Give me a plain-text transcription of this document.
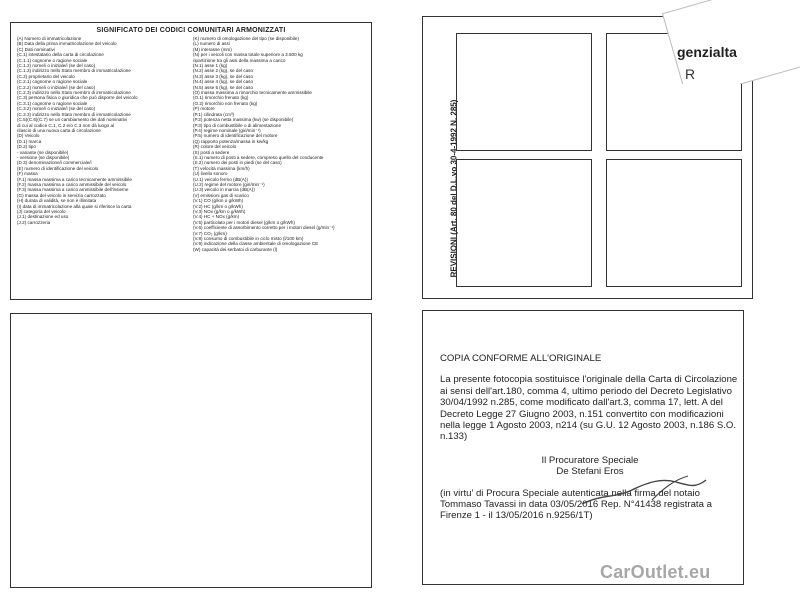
SIGNIFICATO DEI CODICI COMUNITARI ARMONIZZATI
(A) Numero di immatricolazione
(B) Data della prima immatricolazione del veicolo
(C) Dati nominativi
(C.1) intestatario della carta di circolazione
(C.1.1) cognome o ragione sociale
(C.1.2) nome/i o iniziale/i (se del caso)
(C.1.3) indirizzo nello Stato membro di immatricolazione
(C.2) proprietario del veicolo
(C.2.1) cognome o ragione sociale
(C.2.2) nome/i o iniziale/i (se del caso)
(C.2.3) indirizzo nello Stato membro di immatricolazione
(C.3) persona fisica o giuridica che può disporre del veicolo
(C.3.1) cognome o ragione sociale
(C.3.2) nome/i o iniziale/i (se del caso)
(C.3.3) indirizzo nello Stato membro di immatricolazione
(C.5)(C.6)(C.7) se un cambiamento dei dati nominativi
di cui al codice C.1, C.2 e/o C.3 non dà luogo al
rilascio di una nuova carta di circolazione
(D) Veicolo
(D.1) marca
(D.2) tipo
- variante (se disponibile)
- versione (se disponibile)
(D.3) denominazione/i commerciale/i
(E) numero di identificazione del veicolo
(F) massa
(F.1) massa massima a carico tecnicamente ammissibile
(F.2) massa massima a carico ammissibile del veicolo
(F.3) massa massima a carico ammissibile dell'insieme
(G) massa del veicolo in servizio carrozzato
(H) durata di validità, se non è illimitata
(I) data di immatricolazione alla quale si riferisce la carta
(J) categoria del veicolo
(J.1) destinazione ed uso
(J.2) carrozzeria
(K) numero di omologazione del tipo (se disponibile)
(L) numero di assi
(M) interasse (mm)
(N) per i veicoli con massa totale superiore a 3.500 kg
ripartizione tra gli assi della massima a carico
(N.1) asse 1 (kg)
(N.2) asse 2 (kg), se del caso
(N.3) asse 3 (kg), se del caso
(N.4) asse 4 (kg), se del caso
(N.5) asse 5 (kg), se del caso
(O) massa massima a rimorchio tecnicamente ammissibile
(O.1) rimorchio frenato (kg)
(O.2) rimorchio non frenato (kg)
(P) motore
(P.1) cilindrata (cm³)
(P.2) potenza netta massima (kw) (se disponibile)
(P.3) tipo di combustibile o di alimentazione
(P.4) regime nominale (giri/min⁻¹)
(P.5) numero di identificazione del motore
(Q) rapporto potenza/massa in kw/kg
(R) colore del veicolo
(S) posti a sedere
(S.1) numero di posti a sedere, compreso quello del conducente
(S.2) numero dei posti in piedi (se del caso)
(T) velocità massima (km/h)
(U) livello sonoro
(U.1) veicolo fermo (dB(A))
(U.2) regime del motore (giri/min⁻¹)
(U.3) veicolo in marcia (dB(A))
(V) emissioni gas di scarico
(V.1) CO (g/km o g/kWh)
(V.2) HC (g/km o g/kWh)
(V.3) NOx (g/km o g/kWh)
(V.4) HC + NOx (g/km)
(V.5) particolato per i motori diesel (g/km o g/kWh)
(V.6) coefficiente di assorbimento corretto per i motori diesel (g/min⁻¹)
(V.7) CO₂ (g/km)
(V.8) consumo di combustibile in ciclo misto (l/100 km)
(V.9) indicazione della classe ambientale di omologazione CE
(W) capacità dei serbatoi di carburante (l)	REVISIONI (Art. 80 del D.L.vo 30-4-1992 N. 285)
genzialta
R
COPIA CONFORME ALL'ORIGINALE

La presente fotocopia sostituisce l'originale della Carta di Circolazione ai sensi dell'art.180, comma 4, ultimo periodo del Decreto Legislativo 30/04/1992 n.285, come modificato dall'art.3, comma 17, lett. A del Decreto Legge 27 Giugno 2003, n.151 convertito con modificazioni nella legge 1 Agosto 2003, n214 (su G.U. 12 Agosto 2003, n.186 S.O. n.133)

Il Procuratore Speciale
De Stefani Eros

(in virtu' di Procura Speciale autenticata nella firma del notaio Tommaso Tavassi in data 03/05/2016 Rep. N°41438 registrata a Firenze 1 - il 13/05/2016 n.9256/1T)

CarOutlet.eu
